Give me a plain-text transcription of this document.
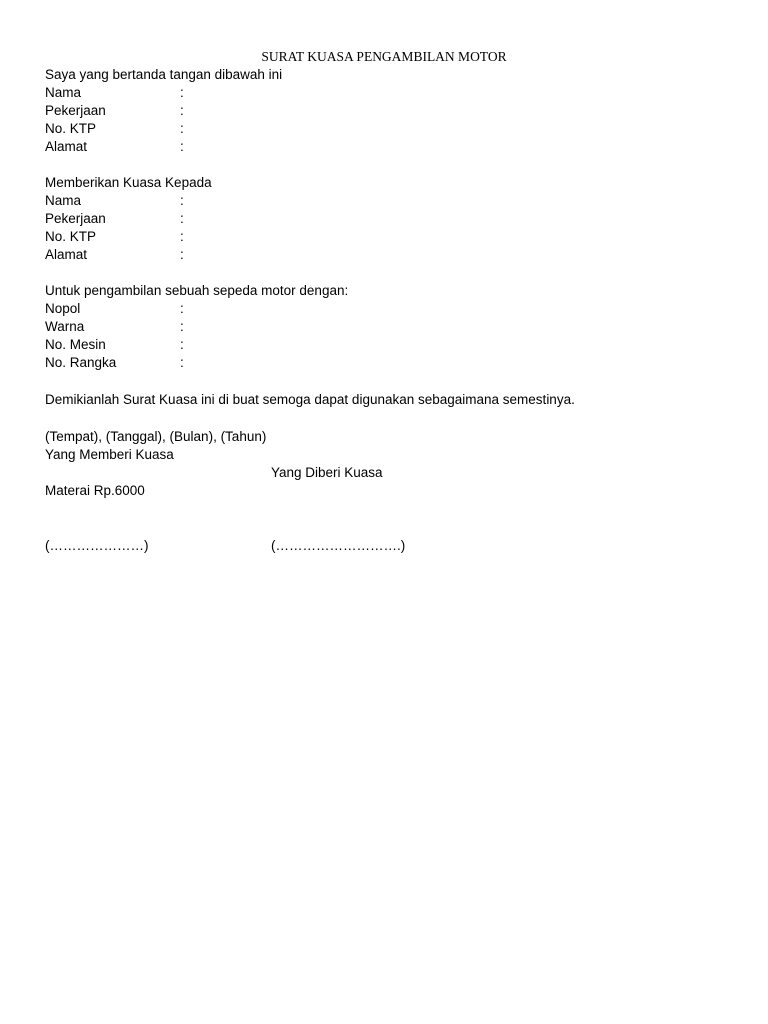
SURAT KUASA PENGAMBILAN MOTOR
Saya yang bertanda tangan dibawah ini
Nama	:
Pekerjaan	:
No. KTP	:
Alamat	:
Memberikan Kuasa Kepada
Nama	:
Pekerjaan	:
No. KTP	:
Alamat	:
Untuk pengambilan sebuah sepeda motor dengan:
Nopol	:
Warna	:
No. Mesin	:
No. Rangka	:
Demikianlah Surat Kuasa ini di buat semoga dapat digunakan sebagaimana semestinya.
(Tempat), (Tanggal), (Bulan), (Tahun)
Yang Memberi Kuasa
Yang Diberi Kuasa
Materai Rp.6000
(…………………)	(……………………….)
